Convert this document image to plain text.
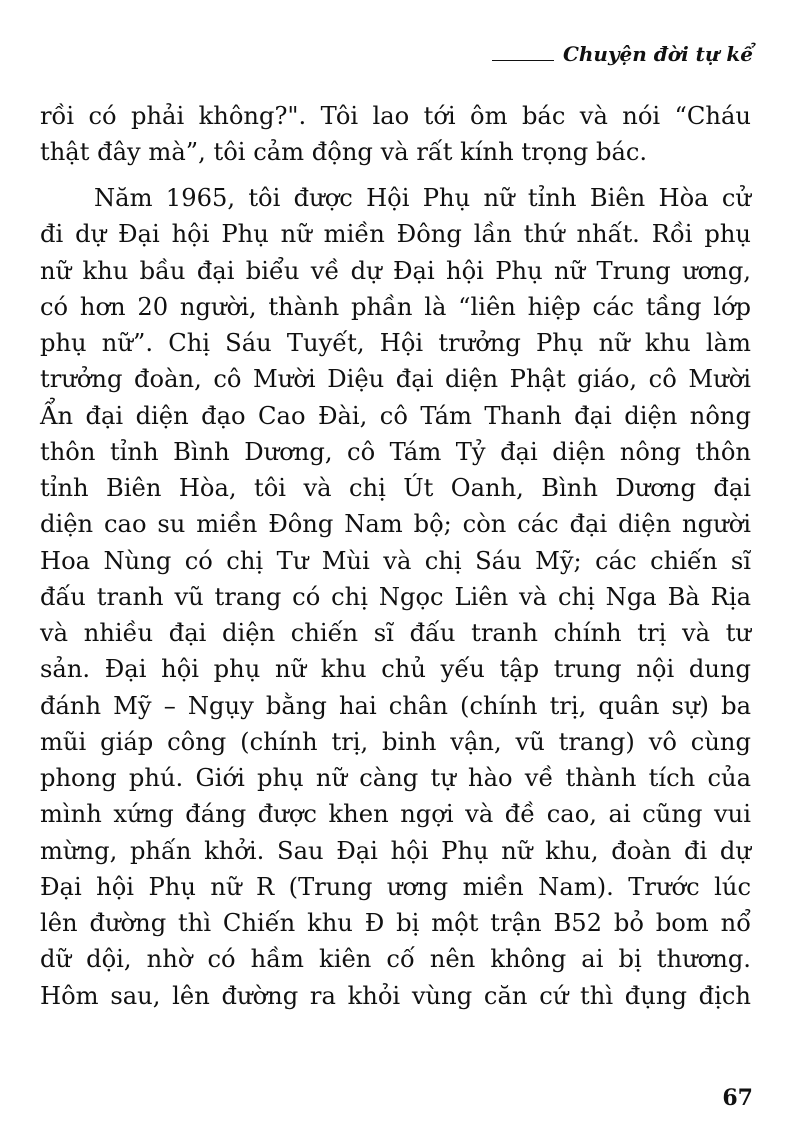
Chuyện đời tự kể
rồi có phải không?". Tôi lao tới ôm bác và nói “Cháu
thật đây mà”, tôi cảm động và rất kính trọng bác.
Năm 1965, tôi được Hội Phụ nữ tỉnh Biên Hòa cử
đi dự Đại hội Phụ nữ miền Đông lần thứ nhất. Rồi phụ
nữ khu bầu đại biểu về dự Đại hội Phụ nữ Trung ương,
có hơn 20 người, thành phần là “liên hiệp các tầng lớp
phụ nữ”. Chị Sáu Tuyết, Hội trưởng Phụ nữ khu làm
trưởng đoàn, cô Mười Diệu đại diện Phật giáo, cô Mười
Ẩn đại diện đạo Cao Đài, cô Tám Thanh đại diện nông
thôn tỉnh Bình Dương, cô Tám Tỷ đại diện nông thôn
tỉnh Biên Hòa, tôi và chị Út Oanh, Bình Dương đại
diện cao su miền Đông Nam bộ; còn các đại diện người
Hoa Nùng có chị Tư Mùi và chị Sáu Mỹ; các chiến sĩ
đấu tranh vũ trang có chị Ngọc Liên và chị Nga Bà Rịa
và nhiều đại diện chiến sĩ đấu tranh chính trị và tư
sản. Đại hội phụ nữ khu chủ yếu tập trung nội dung
đánh Mỹ – Ngụy bằng hai chân (chính trị, quân sự) ba
mũi giáp công (chính trị, binh vận, vũ trang) vô cùng
phong phú. Giới phụ nữ càng tự hào về thành tích của
mình xứng đáng được khen ngợi và đề cao, ai cũng vui
mừng, phấn khởi. Sau Đại hội Phụ nữ khu, đoàn đi dự
Đại hội Phụ nữ R (Trung ương miền Nam). Trước lúc
lên đường thì Chiến khu Đ bị một trận B52 bỏ bom nổ
dữ dội, nhờ có hầm kiên cố nên không ai bị thương.
Hôm sau, lên đường ra khỏi vùng căn cứ thì đụng địch
67
